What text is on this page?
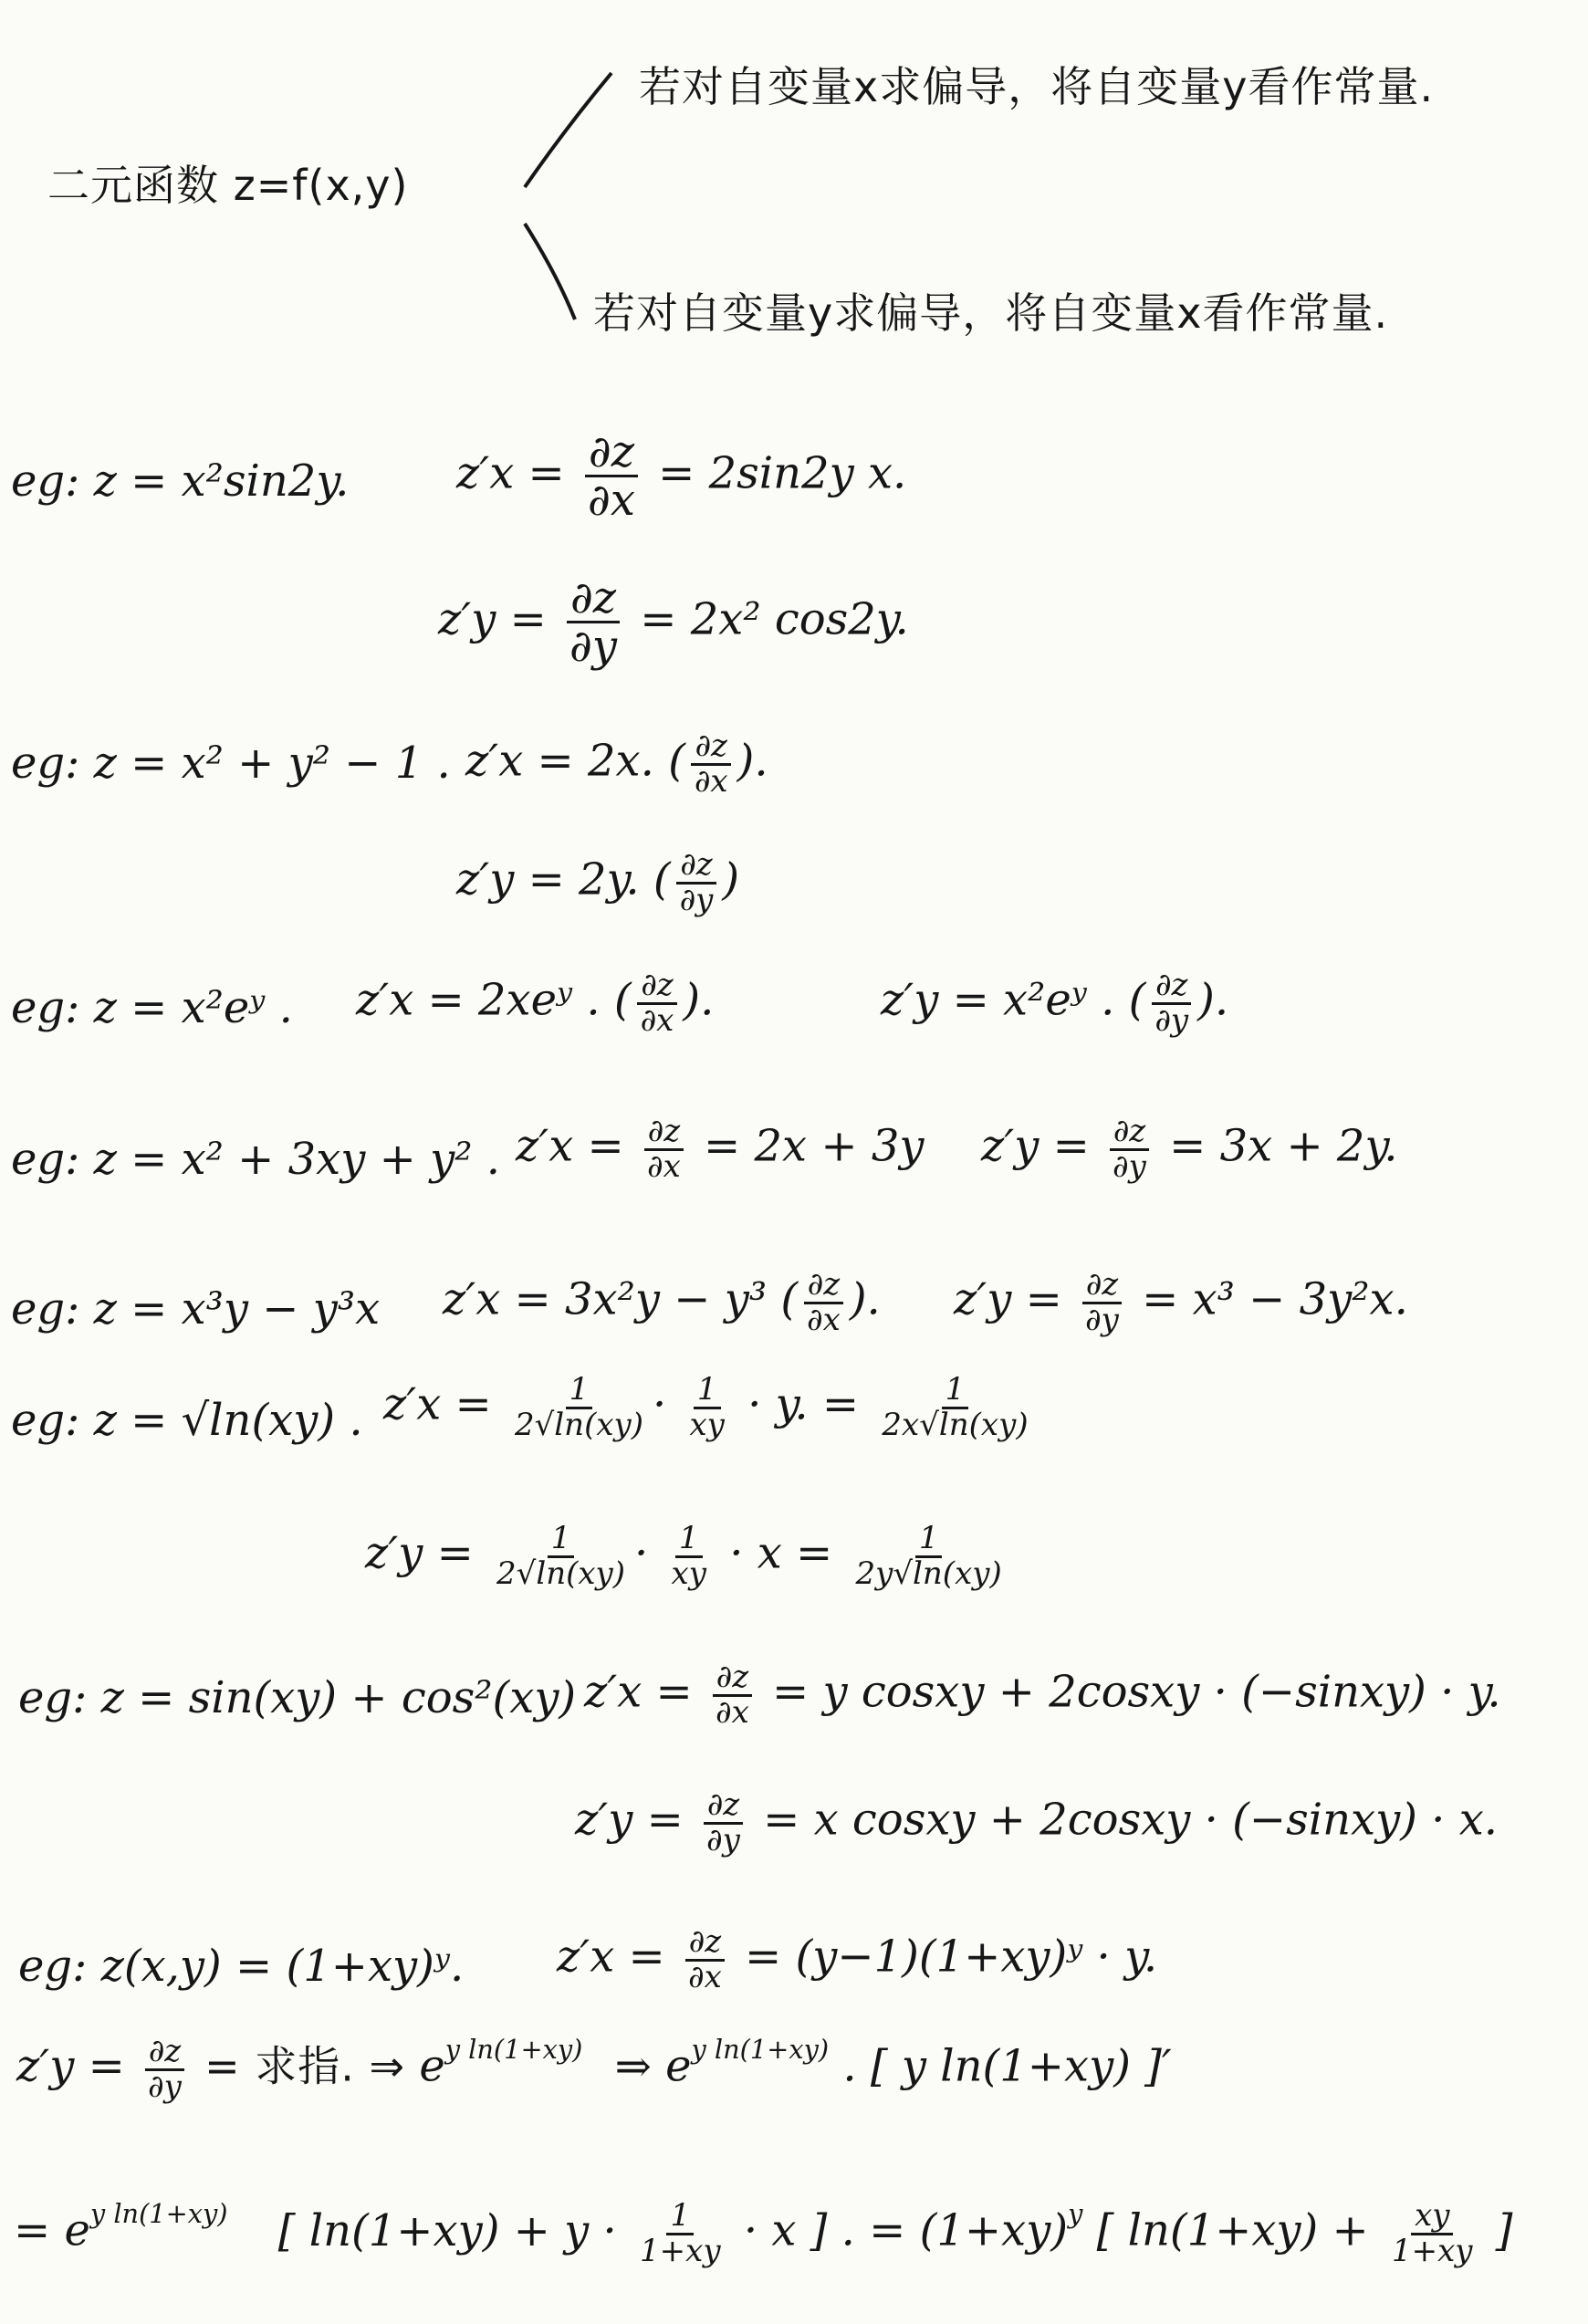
二元函数 z=f(x,y)
若对自变量x求偏导，将自变量y看作常量.
若对自变量y求偏导，将自变量x看作常量.
eg: z = x²sin2y. $z'x = \frac{\partial z}{\partial x} = 2\sin 2y$ x.
$z'y = \frac{\partial z}{\partial y} = 2x^2$ cos2y.
eg: z = x² + y² − 1 . z′x = 2x. ( $\frac{\partial z}{\partial x}$ ).
z′y = 2y. ( $\frac{\partial z}{\partial y}$ )
eg: z = x²eʸ . z′x = 2xeʸ . ( $\frac{\partial z}{\partial x}$ ).	z′y = x²eʸ . ( $\frac{\partial z}{\partial y}$ ).
eg: z = x² + 3xy + y² . $z'x = \frac{\partial z}{\partial x} = 2x + 3y$ $z'y = \frac{\partial z}{\partial y} = 3x + 2y$.
eg: z = x³y − y³x z′x = 3x²y − y³ ( $\frac{\partial z}{\partial x}$ ). $z'y = \frac{\partial z}{\partial y} = x^3 - 3y^2x$.
eg: z = √ln(xy) . $z'x = \frac{1}{2√\ln(xy)} \cdot \frac{1}{xy} \cdot y$. = $\frac{1}{2x√\ln(xy)}$
$z'y = \frac{1}{2√\ln(xy)} \cdot \frac{1}{xy} \cdot x = \frac{1}{2y√\ln(xy)}$
eg: z = sin(xy) + cos²(xy) $z'x = \frac{\partial z}{\partial x} = y$ cosxy + 2cosxy · (−sinxy) · y.
$z'y = \frac{\partial z}{\partial y} = x$ cosxy + 2cosxy · (−sinxy) · x.
eg: z(x,y) = (1+xy)ʸ. $z'x = \frac{\partial z}{\partial x}$ = (y−1)(1+xy)ʸ · y.
$z'y = \frac{\partial z}{\partial y}$ = 求指. ⇒ $e^{y ln(1+xy)}$ ⇒ $e^{y ln(1+xy)}$ . [ y ln(1+xy) ]′
= $e^{y ln(1+xy)}$ [ $\ln(1+xy) + y \cdot \frac{1}{1+xy} \cdot x$ ] . = $(1+xy)^y$ [ $\ln(1+xy) + \frac{xy}{1+xy}$ ]
